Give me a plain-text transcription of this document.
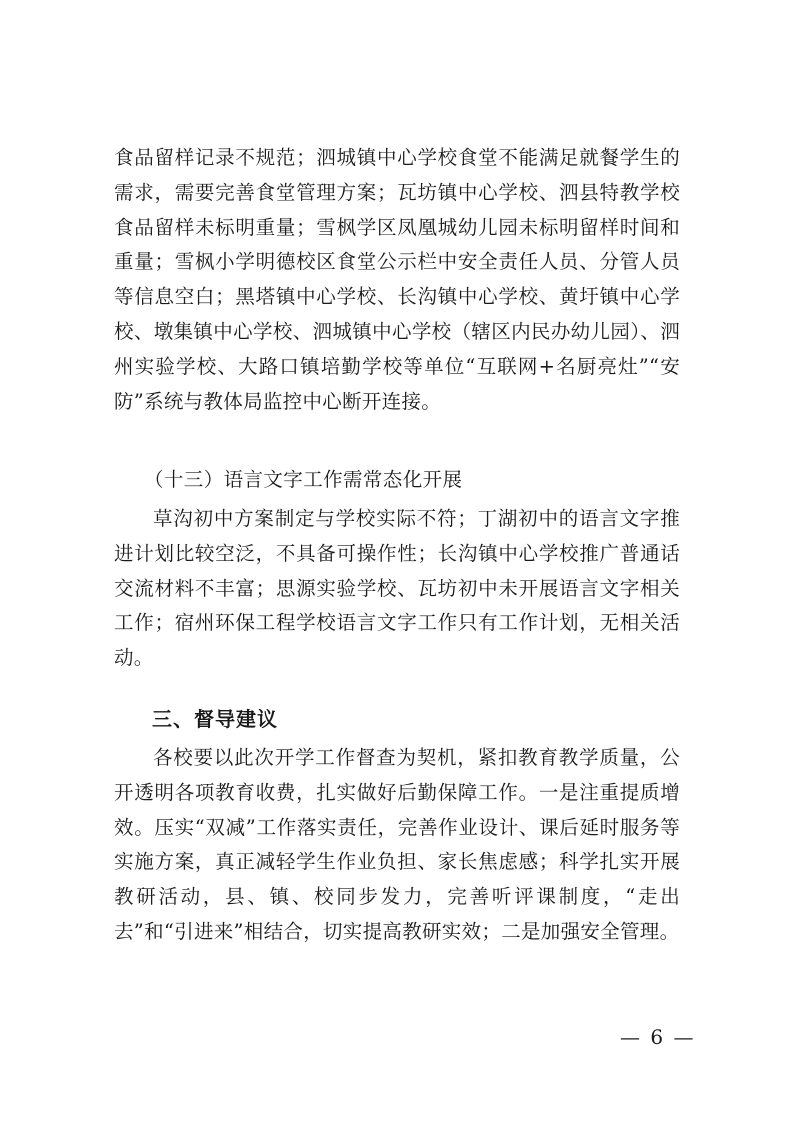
食品留样记录不规范；泗城镇中心学校食堂不能满足就餐学生的需求，需要完善食堂管理方案；瓦坊镇中心学校、泗县特教学校食品留样未标明重量；雪枫学区凤凰城幼儿园未标明留样时间和重量；雪枫小学明德校区食堂公示栏中安全责任人员、分管人员等信息空白；黑塔镇中心学校、长沟镇中心学校、黄圩镇中心学校、墩集镇中心学校、泗城镇中心学校（辖区内民办幼儿园）、泗州实验学校、大路口镇培勤学校等单位“互联网+名厨亮灶”“安防”系统与教体局监控中心断开连接。

（十三）语言文字工作需常态化开展

草沟初中方案制定与学校实际不符；丁湖初中的语言文字推进计划比较空泛，不具备可操作性；长沟镇中心学校推广普通话交流材料不丰富；思源实验学校、瓦坊初中未开展语言文字相关工作；宿州环保工程学校语言文字工作只有工作计划，无相关活动。

三、督导建议

各校要以此次开学工作督查为契机，紧扣教育教学质量，公开透明各项教育收费，扎实做好后勤保障工作。一是注重提质增效。压实“双减”工作落实责任，完善作业设计、课后延时服务等实施方案，真正减轻学生作业负担、家长焦虑感；科学扎实开展教研活动，县、镇、校同步发力，完善听评课制度，“走出去”和“引进来”相结合，切实提高教研实效；二是加强安全管理。

— 6 —
